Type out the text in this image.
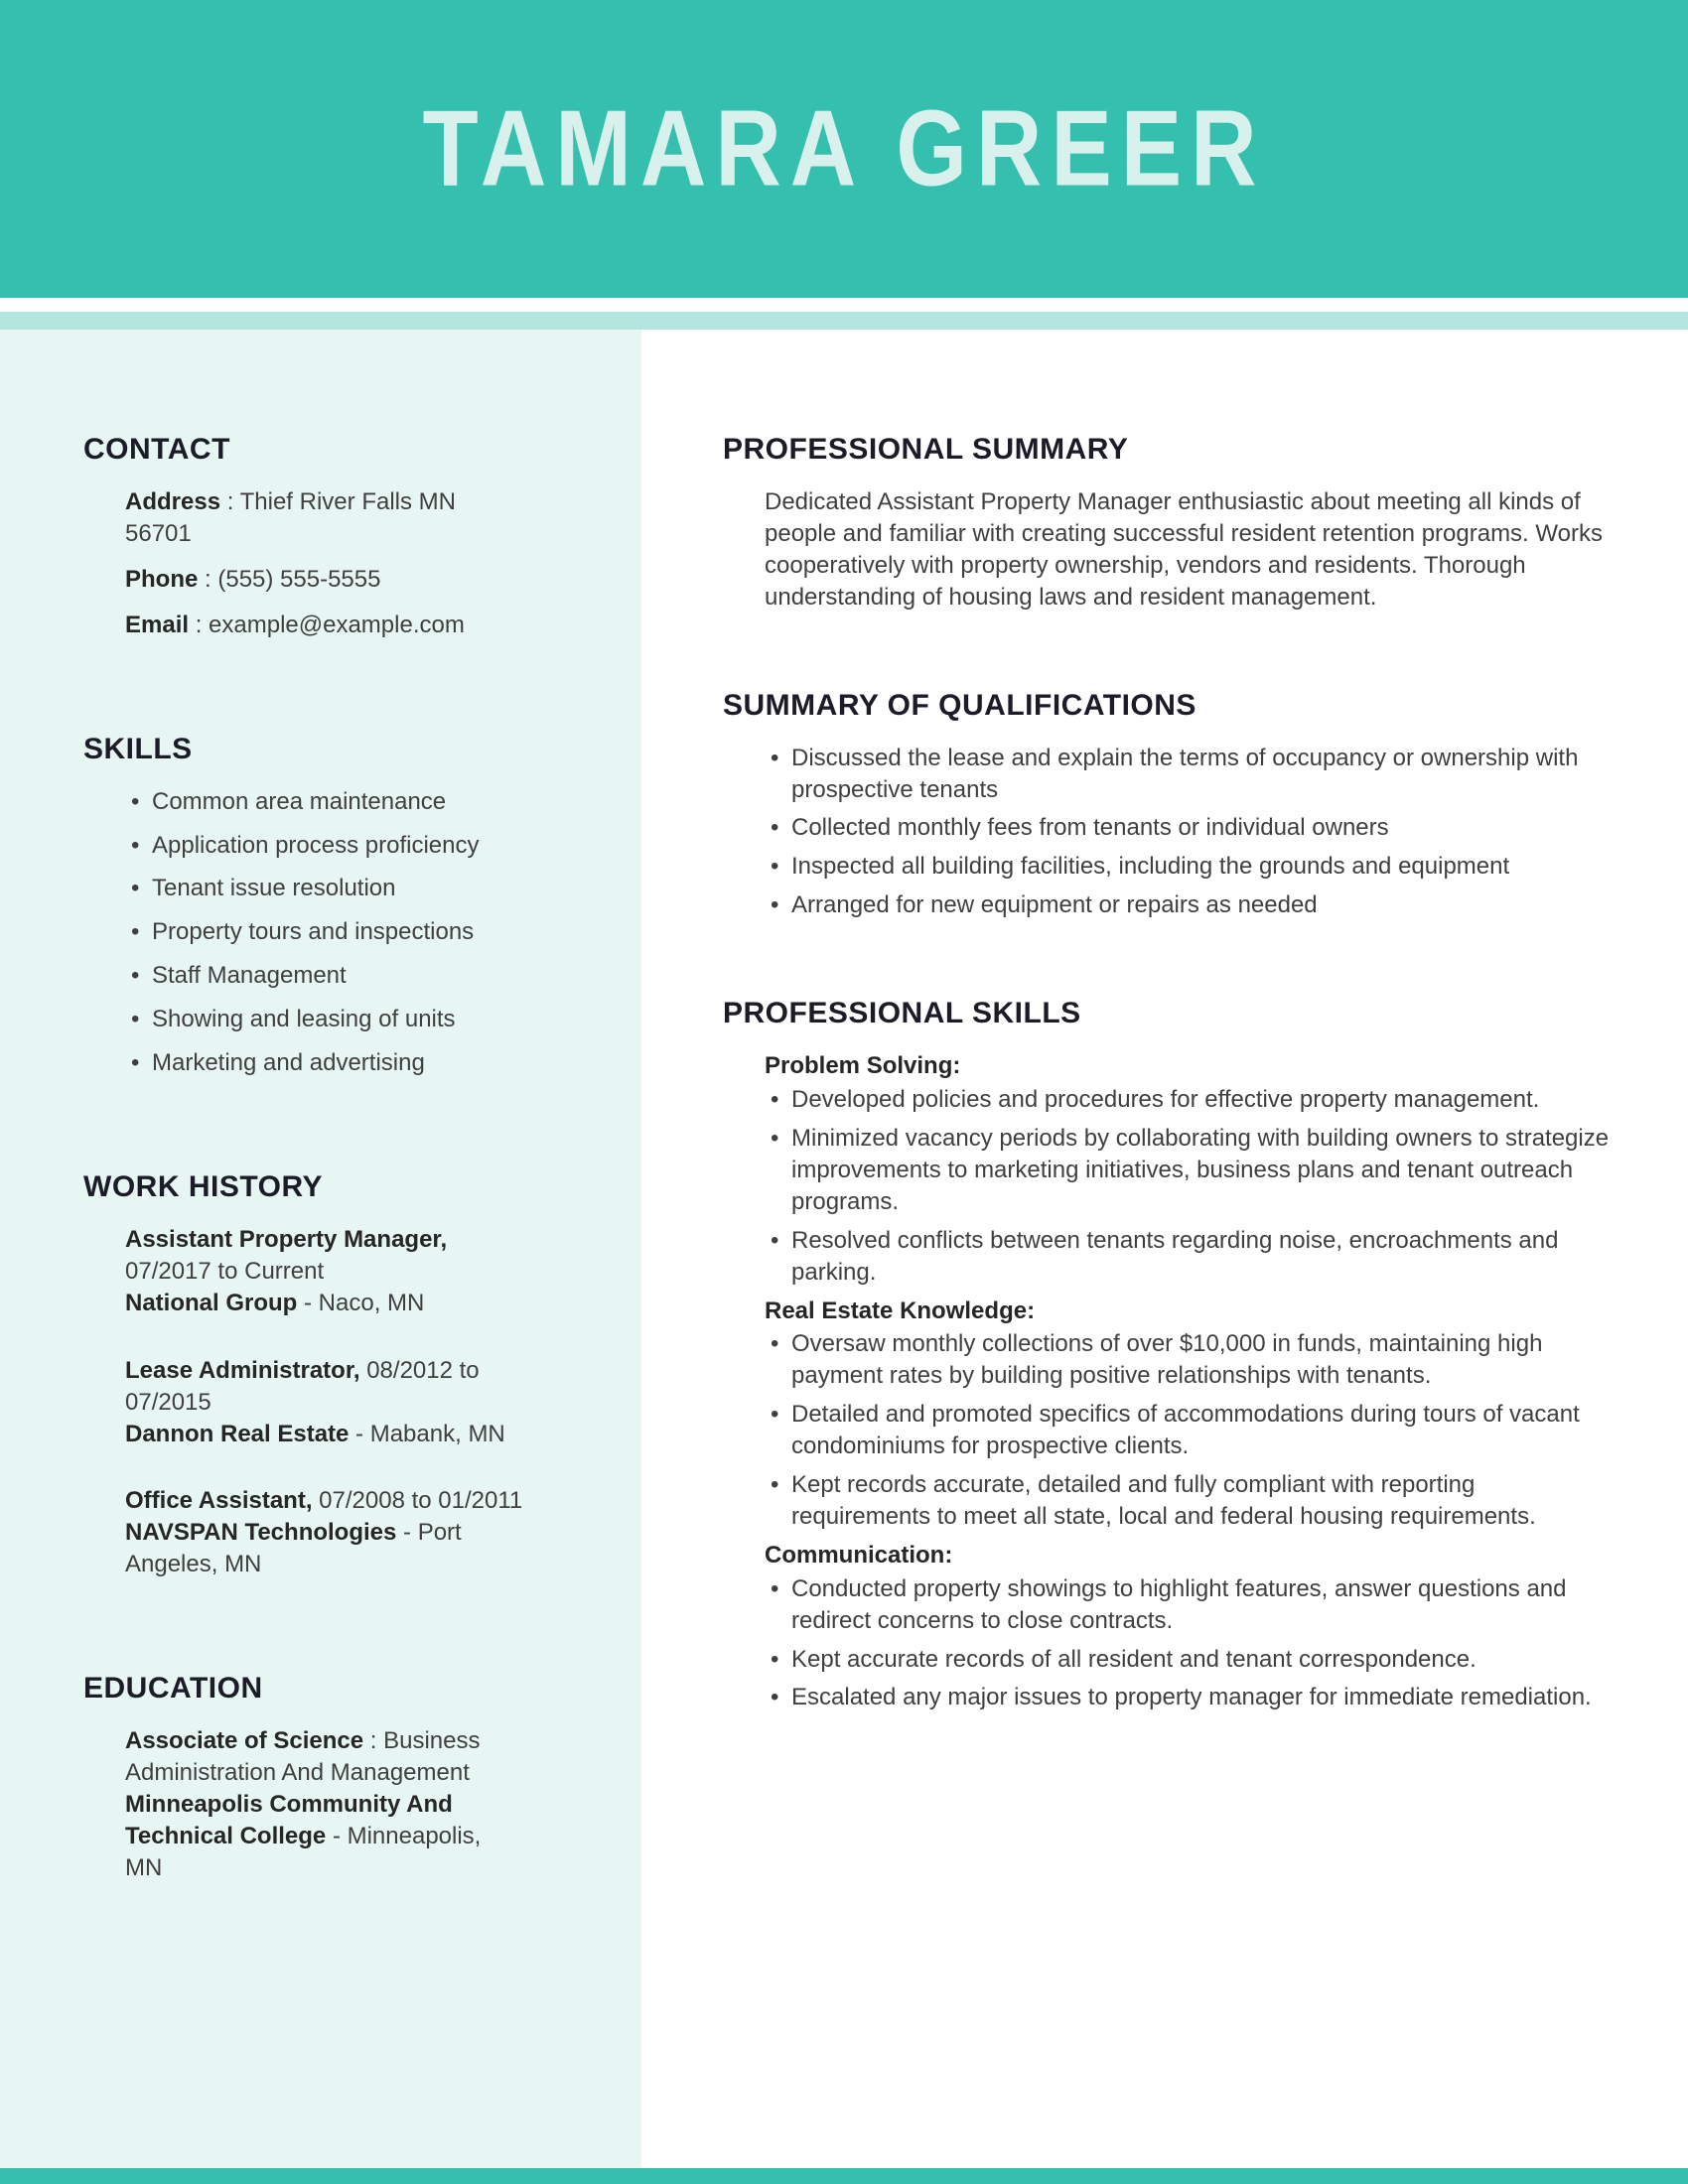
TAMARA GREER
CONTACT

Address : Thief River Falls MN 56701

Phone : (555) 555-5555

Email : example@example.com

SKILLS
• Common area maintenance
• Application process proficiency
• Tenant issue resolution
• Property tours and inspections
• Staff Management
• Showing and leasing of units
• Marketing and advertising
WORK HISTORY

Assistant Property Manager, 07/2017 to Current
National Group - Naco, MN

Lease Administrator, 08/2012 to 07/2015
Dannon Real Estate - Mabank, MN

Office Assistant, 07/2008 to 01/2011
NAVSPAN Technologies - Port Angeles, MN

EDUCATION

Associate of Science : Business Administration And Management
Minneapolis Community And Technical College - Minneapolis, MN

PROFESSIONAL SUMMARY

Dedicated Assistant Property Manager enthusiastic about meeting all kinds of people and familiar with creating successful resident retention programs. Works cooperatively with property ownership, vendors and residents. Thorough understanding of housing laws and resident management.

SUMMARY OF QUALIFICATIONS
• Discussed the lease and explain the terms of occupancy or ownership with prospective tenants
• Collected monthly fees from tenants or individual owners
• Inspected all building facilities, including the grounds and equipment
• Arranged for new equipment or repairs as needed
PROFESSIONAL SKILLS

Problem Solving:

• Developed policies and procedures for effective property management.
• Minimized vacancy periods by collaborating with building owners to strategize improvements to marketing initiatives, business plans and tenant outreach programs.
• Resolved conflicts between tenants regarding noise, encroachments and parking.

Real Estate Knowledge:

• Oversaw monthly collections of over $10,000 in funds, maintaining high payment rates by building positive relationships with tenants.
• Detailed and promoted specifics of accommodations during tours of vacant condominiums for prospective clients.
• Kept records accurate, detailed and fully compliant with reporting requirements to meet all state, local and federal housing requirements.

Communication:

• Conducted property showings to highlight features, answer questions and redirect concerns to close contracts.
• Kept accurate records of all resident and tenant correspondence.
• Escalated any major issues to property manager for immediate remediation.
